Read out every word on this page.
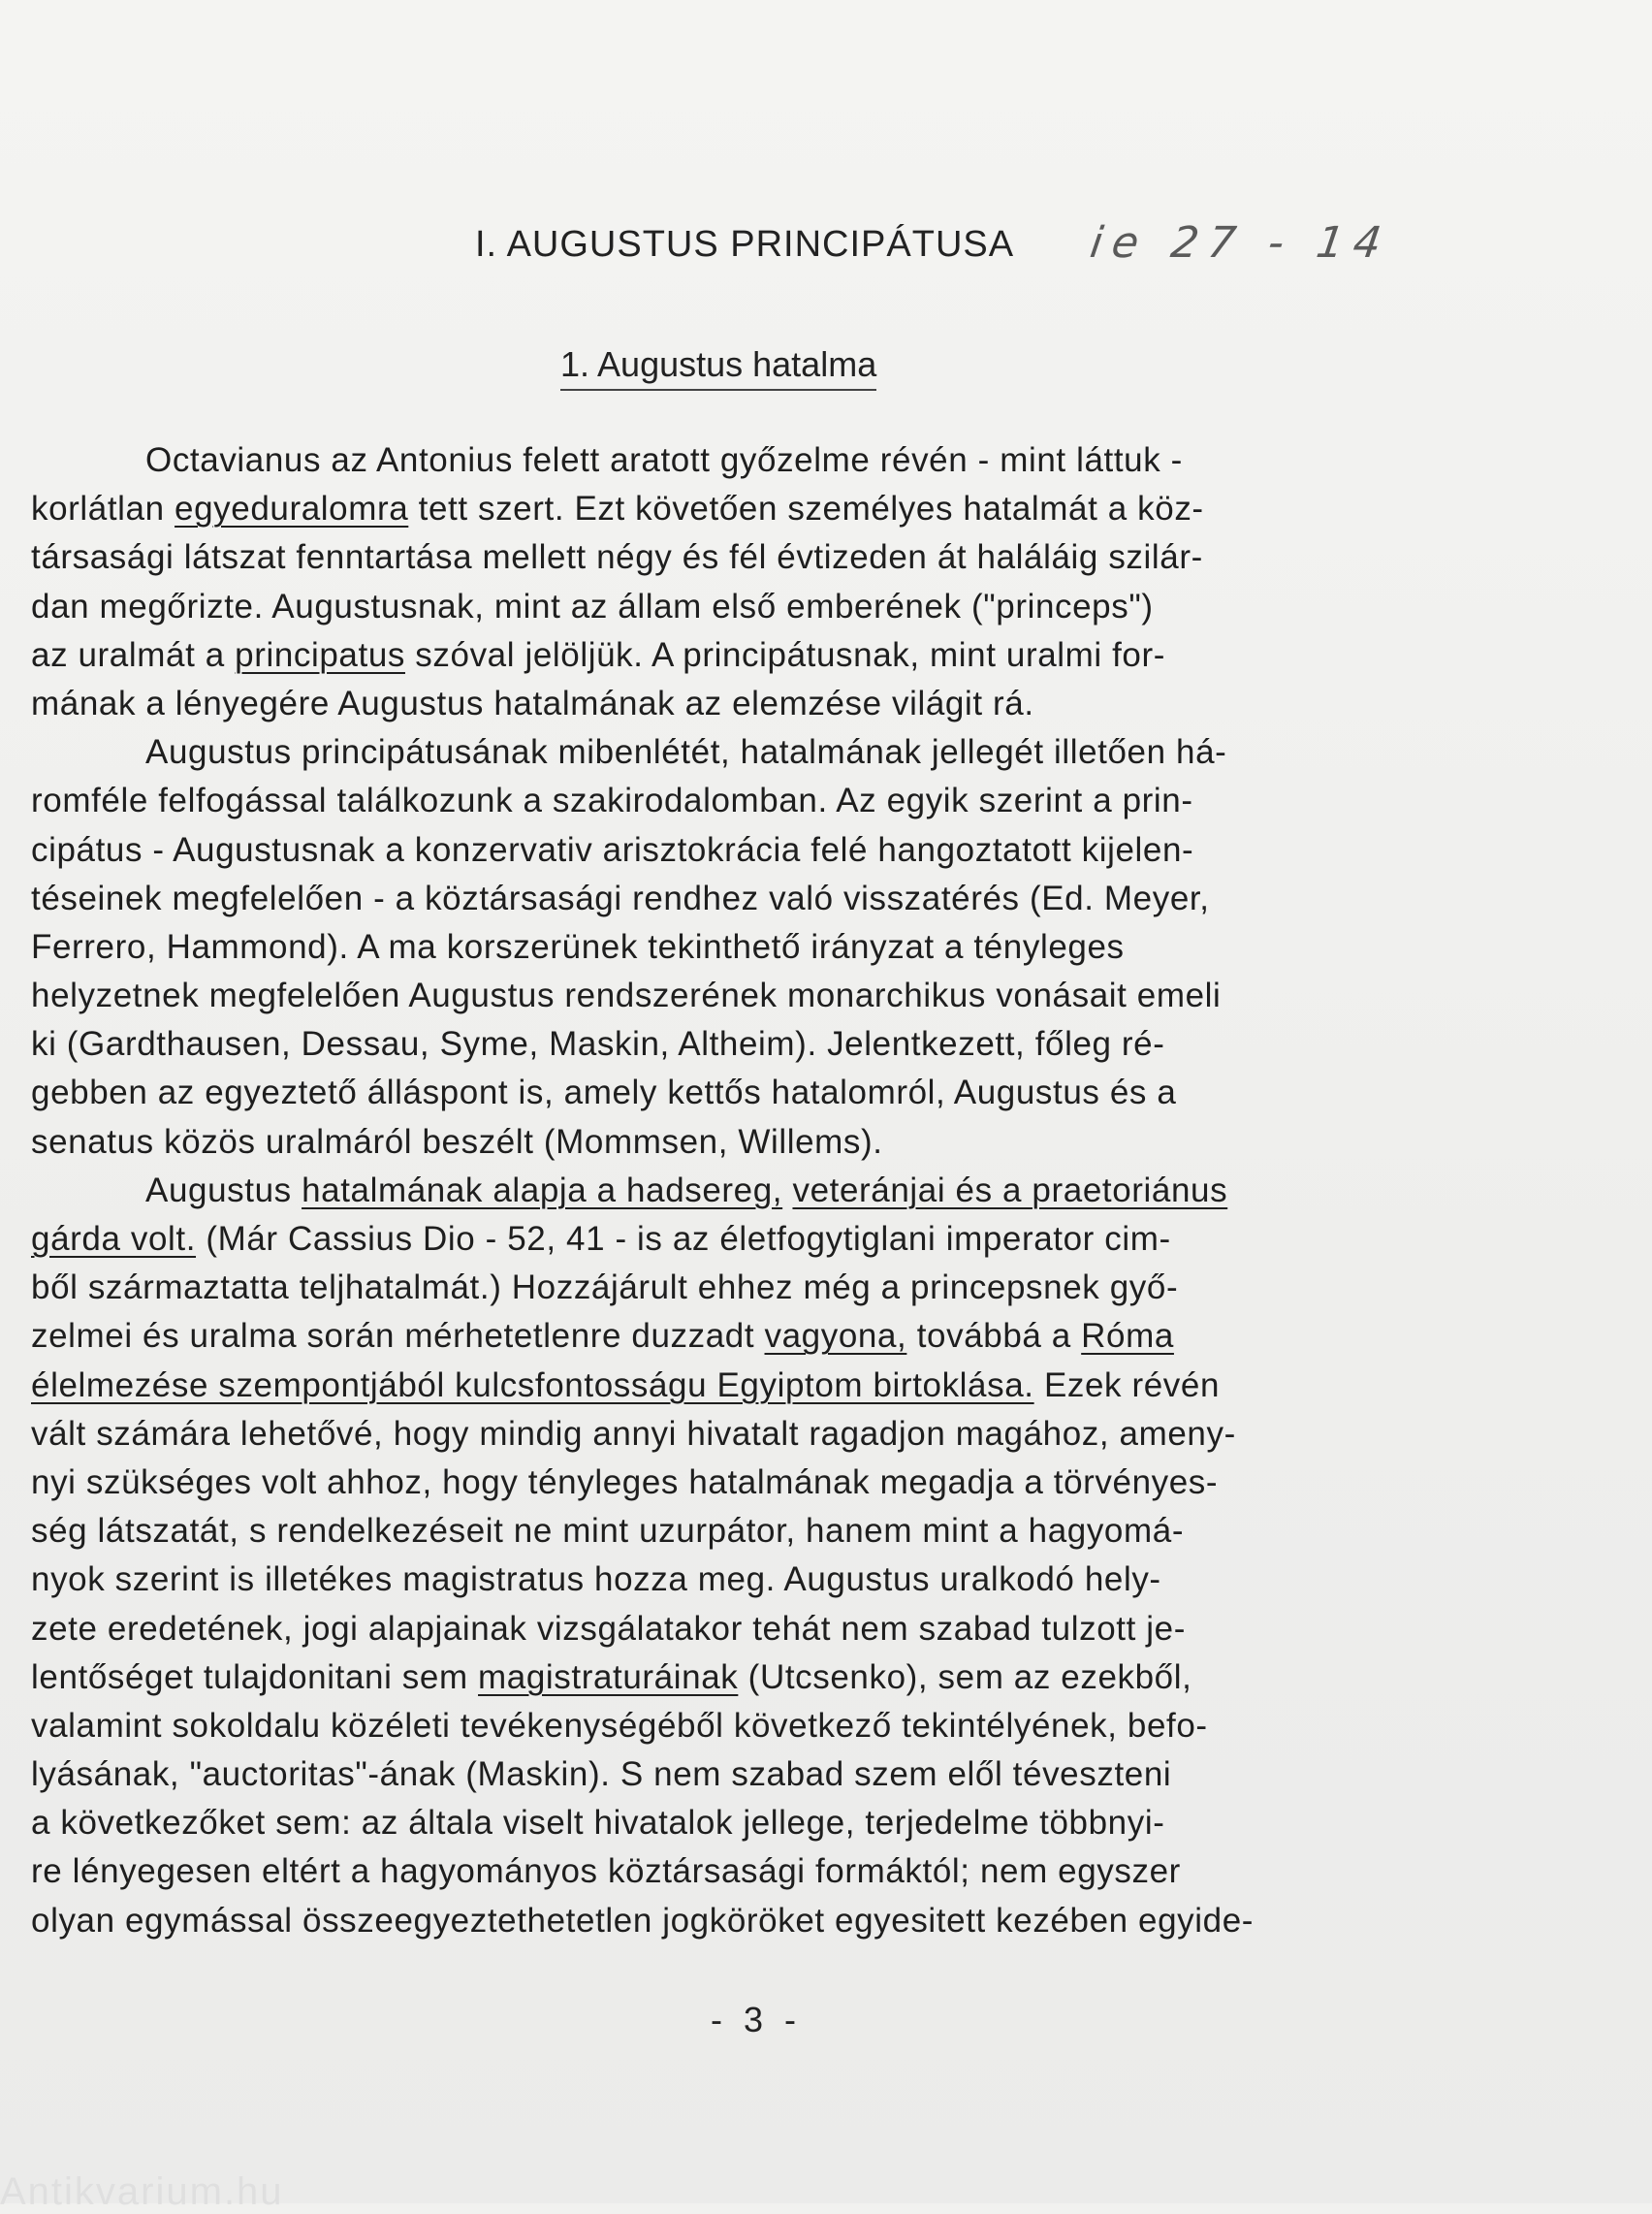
I. AUGUSTUS PRINCIPÁTUSA ie 27 - 14
1. Augustus hatalma
Octavianus az Antonius felett aratott győzelme révén - mint láttuk -
korlátlan egyeduralomra tett szert. Ezt követően személyes hatalmát a köz-
társasági látszat fenntartása mellett négy és fél évtizeden át haláláig szilár-
dan megőrizte. Augustusnak, mint az állam első emberének ("princeps")
az uralmát a principatus szóval jelöljük. A principátusnak, mint uralmi for-
mának a lényegére Augustus hatalmának az elemzése világit rá.
Augustus principátusának mibenlétét, hatalmának jellegét illetően há-
romféle felfogással találkozunk a szakirodalomban. Az egyik szerint a prin-
cipátus - Augustusnak a konzervativ arisztokrácia felé hangoztatott kijelen-
téseinek megfelelően - a köztársasági rendhez való visszatérés (Ed. Meyer,
Ferrero, Hammond). A ma korszerünek tekinthető irányzat a tényleges
helyzetnek megfelelően Augustus rendszerének monarchikus vonásait emeli
ki (Gardthausen, Dessau, Syme, Maskin, Altheim). Jelentkezett, főleg ré-
gebben az egyeztető álláspont is, amely kettős hatalomról, Augustus és a
senatus közös uralmáról beszélt (Mommsen, Willems).
Augustus hatalmának alapja a hadsereg, veteránjai és a praetoriánus
gárda volt. (Már Cassius Dio - 52, 41 - is az életfogytiglani imperator cim-
ből származtatta teljhatalmát.) Hozzájárult ehhez még a princepsnek győ-
zelmei és uralma során mérhetetlenre duzzadt vagyona, továbbá a Róma
élelmezése szempontjából kulcsfontosságu Egyiptom birtoklása. Ezek révén
vált számára lehetővé, hogy mindig annyi hivatalt ragadjon magához, ameny-
nyi szükséges volt ahhoz, hogy tényleges hatalmának megadja a törvényes-
ség látszatát, s rendelkezéseit ne mint uzurpátor, hanem mint a hagyomá-
nyok szerint is illetékes magistratus hozza meg. Augustus uralkodó hely-
zete eredetének, jogi alapjainak vizsgálatakor tehát nem szabad tulzott je-
lentőséget tulajdonitani sem magistraturáinak (Utcsenko), sem az ezekből,
valamint sokoldalu közéleti tevékenységéből következő tekintélyének, befo-
lyásának, "auctoritas"-ának (Maskin). S nem szabad szem elől téveszteni
a következőket sem: az általa viselt hivatalok jellege, terjedelme többnyi-
re lényegesen eltért a hagyományos köztársasági formáktól; nem egyszer
olyan egymással összeegyeztethetetlen jogköröket egyesitett kezében egyide-
- 3 -
Antikvarium.hu
